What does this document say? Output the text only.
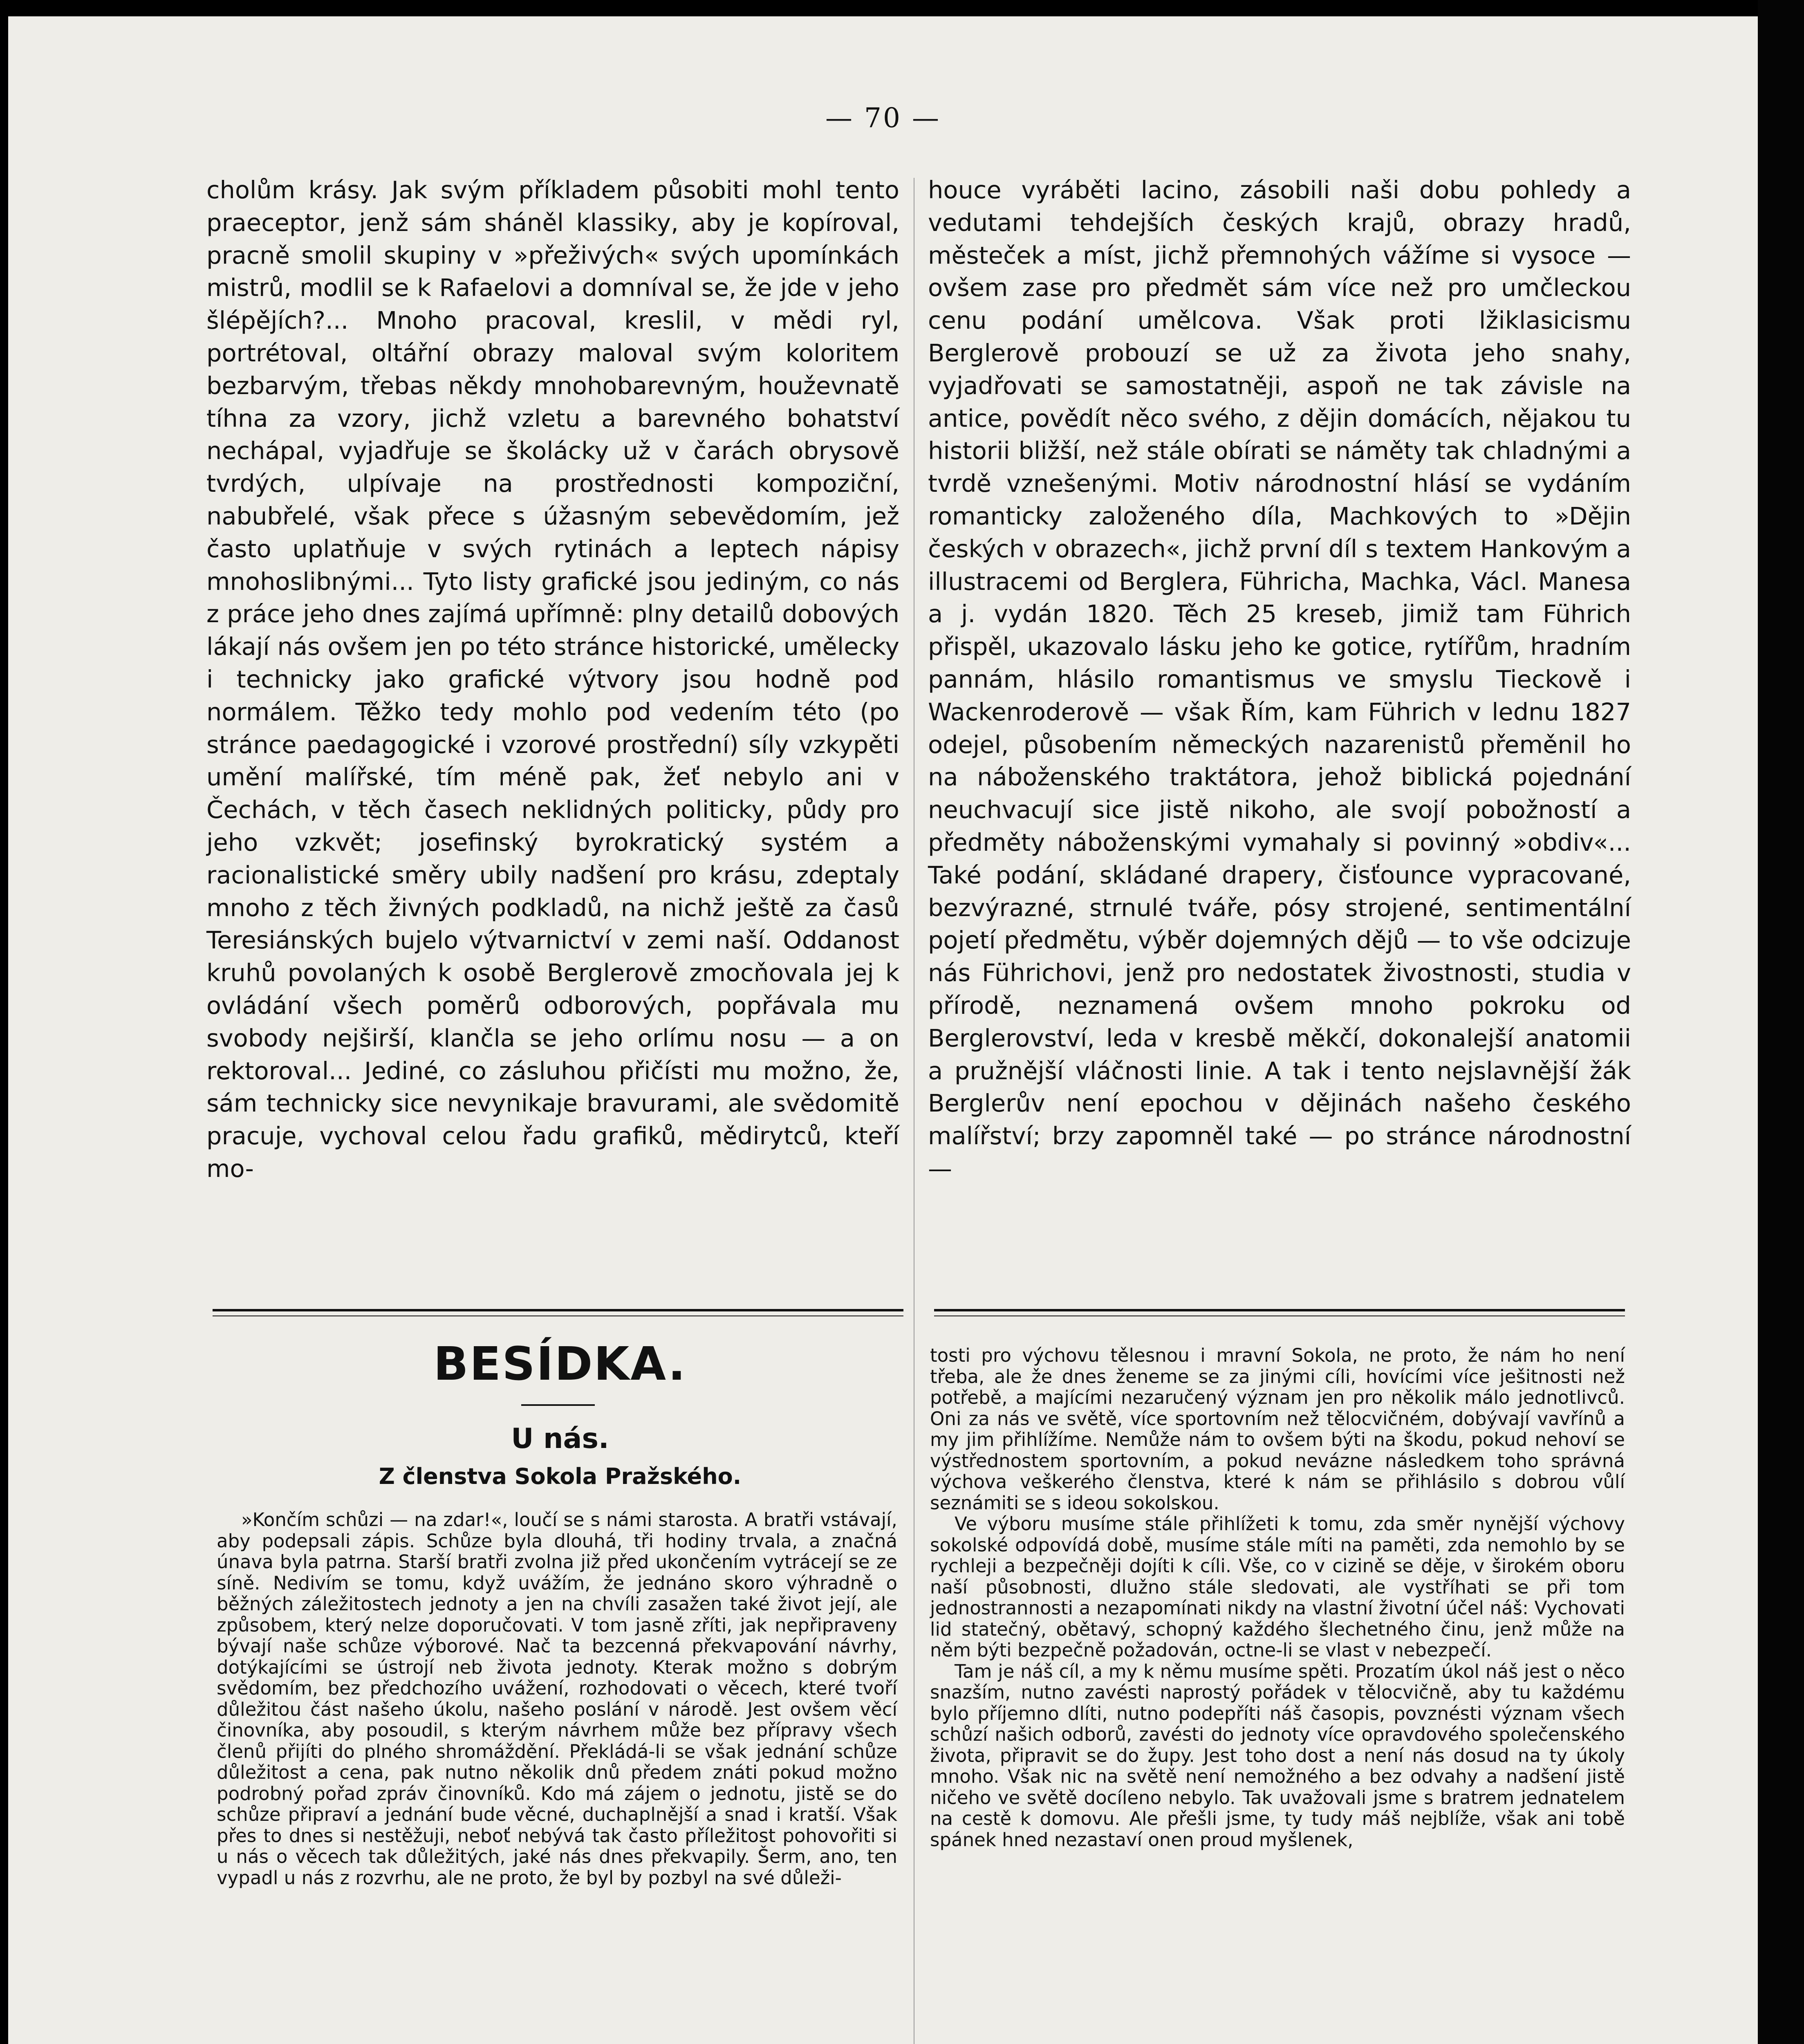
— 70 —

cholům krásy. Jak svým příkladem působiti mohl tento praeceptor, jenž sám sháněl klassiky, aby je kopíroval, pracně smolil skupiny v »přeživých« svých upomínkách mistrů, modlil se k Rafaelovi a domníval se, že jde v jeho šlépějích?... Mnoho pracoval, kreslil, v mědi ryl, portrétoval, oltářní obrazy maloval svým koloritem bezbarvým, třebas někdy mnohobarevným, houževnatě tíhna za vzory, jichž vzletu a barevného bohatství nechápal, vyjadřuje se školácky už v čarách obrysově tvrdých, ulpívaje na prostřednosti kompoziční, nabubřelé, však přece s úžasným sebevědomím, jež často uplatňuje v svých rytinách a leptech nápisy mnohoslibnými... Tyto listy grafické jsou jediným, co nás z práce jeho dnes zajímá upřímně: plny detailů dobových lákají nás ovšem jen po této stránce historické, umělecky i technicky jako grafické výtvory jsou hodně pod normálem. Těžko tedy mohlo pod vedením této (po stránce paedagogické i vzorové prostřední) síly vzkypěti umění malířské, tím méně pak, žeť nebylo ani v Čechách, v těch časech neklidných politicky, půdy pro jeho vzkvět; josefinský byrokratický systém a racionalistické směry ubily nadšení pro krásu, zdeptaly mnoho z těch živných podkladů, na nichž ještě za časů Teresiánských bujelo výtvarnictví v zemi naší. Oddanost kruhů povolaných k osobě Berglerově zmocňovala jej k ovládání všech poměrů odborových, popřávala mu svobody nejširší, klančla se jeho orlímu nosu — a on rektoroval... Jediné, co zásluhou přičísti mu možno, že, sám technicky sice nevynikaje bravurami, ale svědomitě pracuje, vychoval celou řadu grafiků, mědirytců, kteří mo-

houce vyráběti lacino, zásobili naši dobu pohledy a vedutami tehdejších českých krajů, obrazy hradů, městeček a míst, jichž přemnohých vážíme si vysoce — ovšem zase pro předmět sám více než pro umčleckou cenu podání umělcova. Však proti lžiklasicismu Berglerově probouzí se už za života jeho snahy, vyjadřovati se samostatněji, aspoň ne tak závisle na antice, povědít něco svého, z dějin domácích, nějakou tu historii bližší, než stále obírati se náměty tak chladnými a tvrdě vznešenými. Motiv národnostní hlásí se vydáním romanticky založeného díla, Machkových to »Dějin českých v obrazech«, jichž první díl s textem Hankovým a illustracemi od Berglera, Führicha, Machka, Václ. Manesa a j. vydán 1820. Těch 25 kreseb, jimiž tam Führich přispěl, ukazovalo lásku jeho ke gotice, rytířům, hradním pannám, hlásilo romantismus ve smyslu Tieckově i Wackenroderově — však Řím, kam Führich v lednu 1827 odejel, působením německých nazarenistů přeměnil ho na náboženského traktátora, jehož biblická pojednání neuchvacují sice jistě nikoho, ale svojí pobožností a předměty náboženskými vymahaly si povinný »obdiv«... Také podání, skládané drapery, čisťounce vypracované, bezvýrazné, strnulé tváře, pósy strojené, sentimentální pojetí předmětu, výběr dojemných dějů — to vše odcizuje nás Führichovi, jenž pro nedostatek živostnosti, studia v přírodě, neznamená ovšem mnoho pokroku od Berglerovství, leda v kresbě měkčí, dokonalejší anatomii a pružnější vláčnosti linie. A tak i tento nejslavnější žák Berglerův není epochou v dějinách našeho českého malířství; brzy zapomněl také — po stránce národnostní —

BESÍDKA.
U nás.
Z členstva Sokola Pražského.

»Končím schůzi — na zdar!«, loučí se s námi starosta. A bratři vstávají, aby podepsali zápis. Schůze byla dlouhá, tři hodiny trvala, a značná únava byla patrna. Starší bratři zvolna již před ukončením vytrácejí se ze síně. Nedivím se tomu, když uvážím, že jednáno skoro výhradně o běžných záležitostech jednoty a jen na chvíli zasažen také život její, ale způsobem, který nelze doporučovati. V tom jasně zříti, jak nepřipraveny bývají naše schůze výborové. Nač ta bezcenná překvapování návrhy, dotýkajícími se ústrojí neb života jednoty. Kterak možno s dobrým svědomím, bez předchozího uvážení, rozhodovati o věcech, které tvoří důležitou část našeho úkolu, našeho poslání v národě. Jest ovšem věcí činovníka, aby posoudil, s kterým návrhem může bez přípravy všech členů přijíti do plného shromáždění. Překládá-li se však jednání schůze důležitost a cena, pak nutno několik dnů předem znáti pokud možno podrobný pořad zpráv činovníků. Kdo má zájem o jednotu, jistě se do schůze připraví a jednání bude věcné, duchaplnější a snad i kratší. Však přes to dnes si nestěžuji, neboť nebývá tak často příležitost pohovořiti si u nás o věcech tak důležitých, jaké nás dnes překvapily. Šerm, ano, ten vypadl u nás z rozvrhu, ale ne proto, že byl by pozbyl na své důleži-

tosti pro výchovu tělesnou i mravní Sokola, ne proto, že nám ho není třeba, ale že dnes ženeme se za jinými cíli, hovícími více ješitnosti než potřebě, a majícími nezaručený význam jen pro několik málo jednotlivců. Oni za nás ve světě, více sportovním než tělocvičném, dobývají vavřínů a my jim přihlížíme. Nemůže nám to ovšem býti na škodu, pokud nehoví se výstřednostem sportovním, a pokud nevázne následkem toho správná výchova veškerého členstva, které k nám se přihlásilo s dobrou vůlí seznámiti se s ideou sokolskou.

Ve výboru musíme stále přihlížeti k tomu, zda směr nynější výchovy sokolské odpovídá době, musíme stále míti na paměti, zda nemohlo by se rychleji a bezpečněji dojíti k cíli. Vše, co v cizině se děje, v širokém oboru naší působnosti, dlužno stále sledovati, ale vystříhati se při tom jednostrannosti a nezapomínati nikdy na vlastní životní účel náš: Vychovati lid statečný, obětavý, schopný každého šlechetného činu, jenž může na něm býti bezpečně požadován, octne-li se vlast v nebezpečí.

Tam je náš cíl, a my k němu musíme spěti. Prozatím úkol náš jest o něco snazším, nutno zavésti naprostý pořádek v tělocvičně, aby tu každému bylo příjemno dlíti, nutno podepříti náš časopis, povznésti význam všech schůzí našich odborů, zavésti do jednoty více opravdového společenského života, připravit se do župy. Jest toho dost a není nás dosud na ty úkoly mnoho. Však nic na světě není nemožného a bez odvahy a nadšení jistě ničeho ve světě docíleno nebylo. Tak uvažovali jsme s bratrem jednatelem na cestě k domovu. Ale přešli jsme, ty tudy máš nejblíže, však ani tobě spánek hned nezastaví onen proud myšlenek,
